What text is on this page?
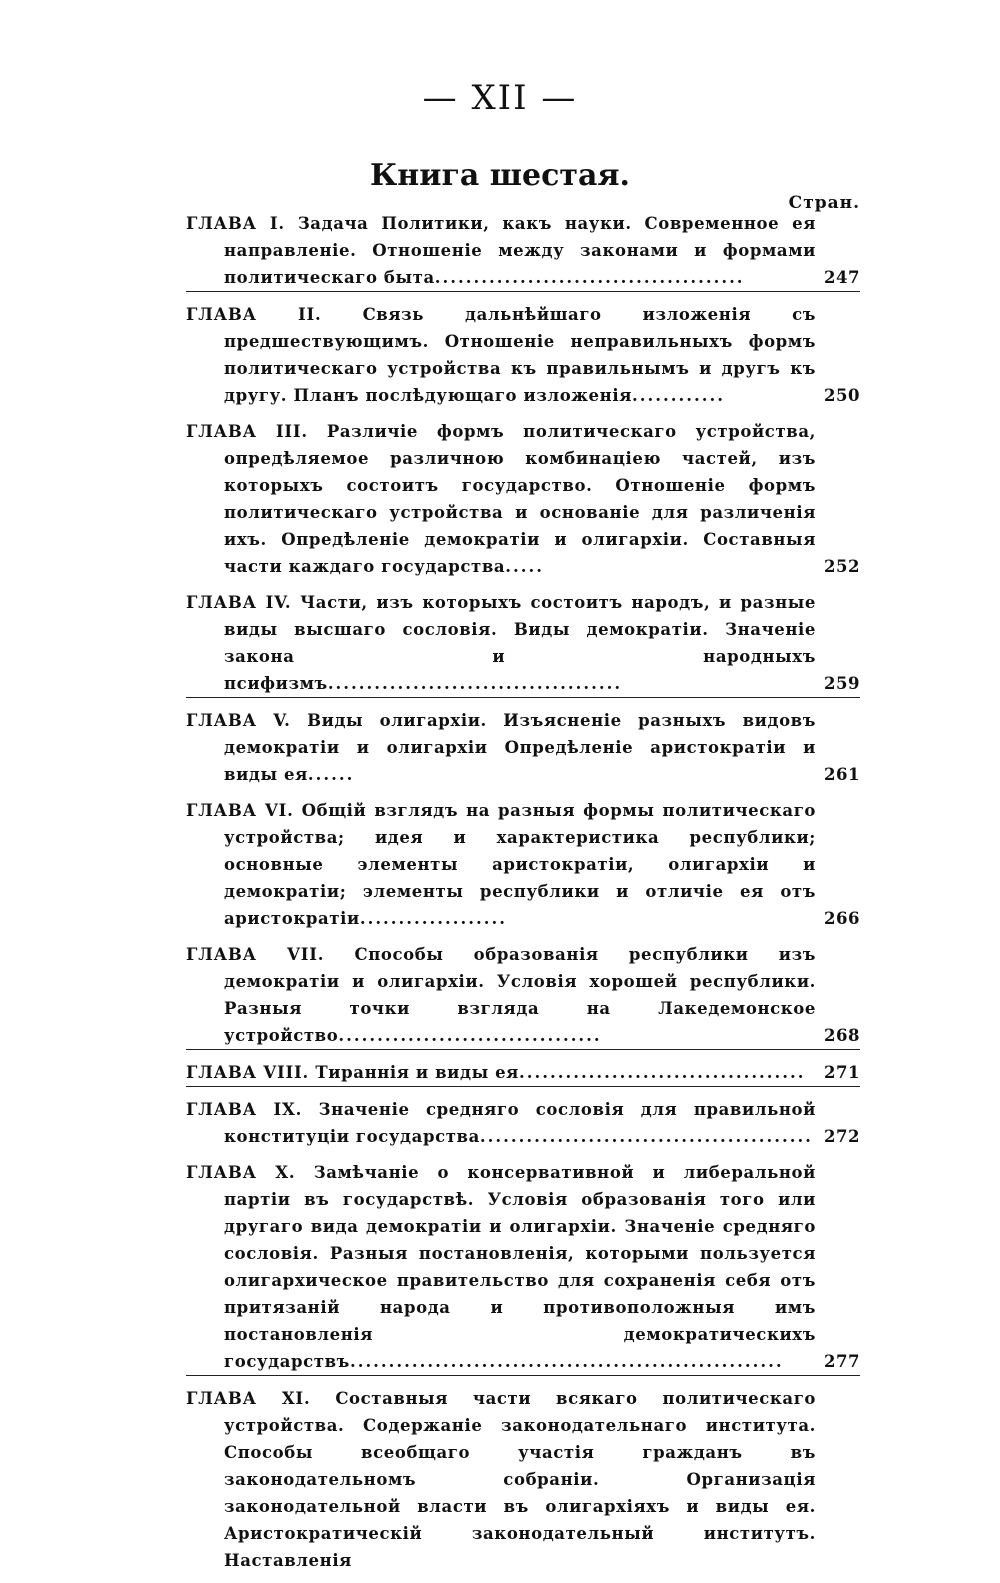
— XII —
Книга шестая.
Стран.
ГЛАВА I. Задача Политики, какъ науки. Современное ея направленіе. Отношеніе между законами и формами политическаго быта........................................	247
ГЛАВА II. Связь дальнѣйшаго изложенія съ предшествующимъ. Отношеніе неправильныхъ формъ политическаго устройства къ правильнымъ и другъ къ другу. Планъ послѣдующаго изложенія............	250
ГЛАВА III. Различіе формъ политическаго устройства, опредѣляемое различною комбинаціею частей, изъ которыхъ состоитъ государство. Отношеніе формъ политическаго устройства и основаніе для различенія ихъ. Опредѣленіе демократіи и олигархіи. Составныя части каждаго государства.....	252
ГЛАВА IV. Части, изъ которыхъ состоитъ народъ, и разные виды высшаго сословія. Виды демократіи. Значеніе закона и народныхъ псифизмъ......................................	259
ГЛАВА V. Виды олигархіи. Изъясненіе разныхъ видовъ демократіи и олигархіи Опредѣленіе аристократіи и виды ея......	261
ГЛАВА VI. Общій взглядъ на разныя формы политическаго устройства; идея и характеристика республики; основные элементы аристократіи, олигархіи и демократіи; элементы республики и отличіе ея отъ аристократіи...................	266
ГЛАВА VII. Способы образованія республики изъ демократіи и олигархіи. Условія хорошей республики. Разныя точки взгляда на Лакедемонское устройство..................................	268
ГЛАВА VIII. Тираннія и виды ея.....................................	271
ГЛАВА IX. Значеніе средняго сословія для правильной конституціи государства........................................... 272
ГЛАВА X. Замѣчаніе о консервативной и либеральной партіи въ государствѣ. Условія образованія того или другаго вида демократіи и олигархіи. Значеніе средняго сословія. Разныя постановленія, которыми пользуется олигархическое правительство для сохраненія себя отъ притязаній народа и противоположныя имъ постановленія демократическихъ государствъ........................................................	277
ГЛАВА XI. Составныя части всякаго политическаго устройства. Содержаніе законодательнаго института. Способы всеобщаго участія гражданъ въ законодательномъ собраніи. Организація законодательной власти въ олигархіяхъ и виды ея. Аристократическій законодательный институтъ. Наставленія
